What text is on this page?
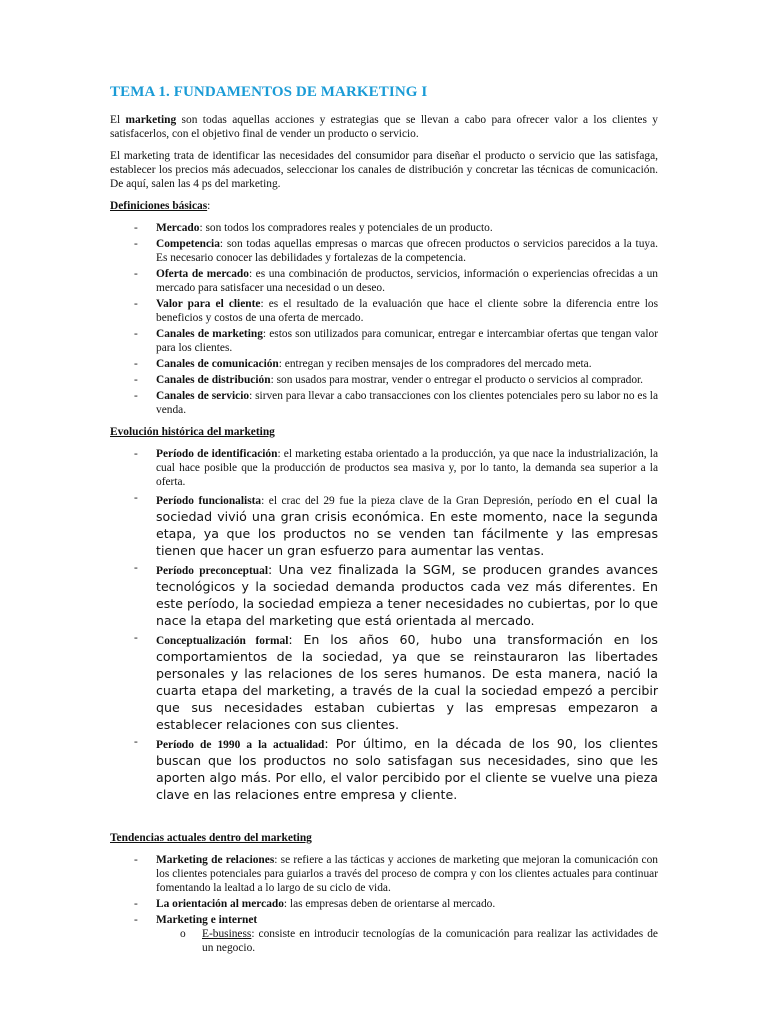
TEMA 1. FUNDAMENTOS DE MARKETING I

El marketing son todas aquellas acciones y estrategias que se llevan a cabo para ofrecer valor a los clientes y satisfacerlos, con el objetivo final de vender un producto o servicio.

El marketing trata de identificar las necesidades del consumidor para diseñar el producto o servicio que las satisfaga, establecer los precios más adecuados, seleccionar los canales de distribución y concretar las técnicas de comunicación. De aquí, salen las 4 ps del marketing.

Definiciones básicas:
- Mercado: son todos los compradores reales y potenciales de un producto.
- Competencia: son todas aquellas empresas o marcas que ofrecen productos o servicios parecidos a la tuya. Es necesario conocer las debilidades y fortalezas de la competencia.
- Oferta de mercado: es una combinación de productos, servicios, información o experiencias ofrecidas a un mercado para satisfacer una necesidad o un deseo.
- Valor para el cliente: es el resultado de la evaluación que hace el cliente sobre la diferencia entre los beneficios y costos de una oferta de mercado.
- Canales de marketing: estos son utilizados para comunicar, entregar e intercambiar ofertas que tengan valor para los clientes.
- Canales de comunicación: entregan y reciben mensajes de los compradores del mercado meta.
- Canales de distribución: son usados para mostrar, vender o entregar el producto o servicios al comprador.
- Canales de servicio: sirven para llevar a cabo transacciones con los clientes potenciales pero su labor no es la venda.
Evolución histórica del marketing
- Período de identificación: el marketing estaba orientado a la producción, ya que nace la industrialización, la cual hace posible que la producción de productos sea masiva y, por lo tanto, la demanda sea superior a la oferta.
- Período funcionalista: el crac del 29 fue la pieza clave de la Gran Depresión, período en el cual la sociedad vivió una gran crisis económica. En este momento, nace la segunda etapa, ya que los productos no se venden tan fácilmente y las empresas tienen que hacer un gran esfuerzo para aumentar las ventas.
- Período preconceptual: Una vez finalizada la SGM, se producen grandes avances tecnológicos y la sociedad demanda productos cada vez más diferentes. En este período, la sociedad empieza a tener necesidades no cubiertas, por lo que nace la etapa del marketing que está orientada al mercado.
- Conceptualización formal: En los años 60, hubo una transformación en los comportamientos de la sociedad, ya que se reinstauraron las libertades personales y las relaciones de los seres humanos. De esta manera, nació la cuarta etapa del marketing, a través de la cual la sociedad empezó a percibir que sus necesidades estaban cubiertas y las empresas empezaron a establecer relaciones con sus clientes.
- Período de 1990 a la actualidad: Por último, en la década de los 90, los clientes buscan que los productos no solo satisfagan sus necesidades, sino que les aporten algo más. Por ello, el valor percibido por el cliente se vuelve una pieza clave en las relaciones entre empresa y cliente.
Tendencias actuales dentro del marketing
- Marketing de relaciones: se refiere a las tácticas y acciones de marketing que mejoran la comunicación con los clientes potenciales para guiarlos a través del proceso de compra y con los clientes actuales para continuar fomentando la lealtad a lo largo de su ciclo de vida.
- La orientación al mercado: las empresas deben de orientarse al mercado.
- Marketing e internet
o E-business: consiste en introducir tecnologías de la comunicación para realizar las actividades de un negocio.
